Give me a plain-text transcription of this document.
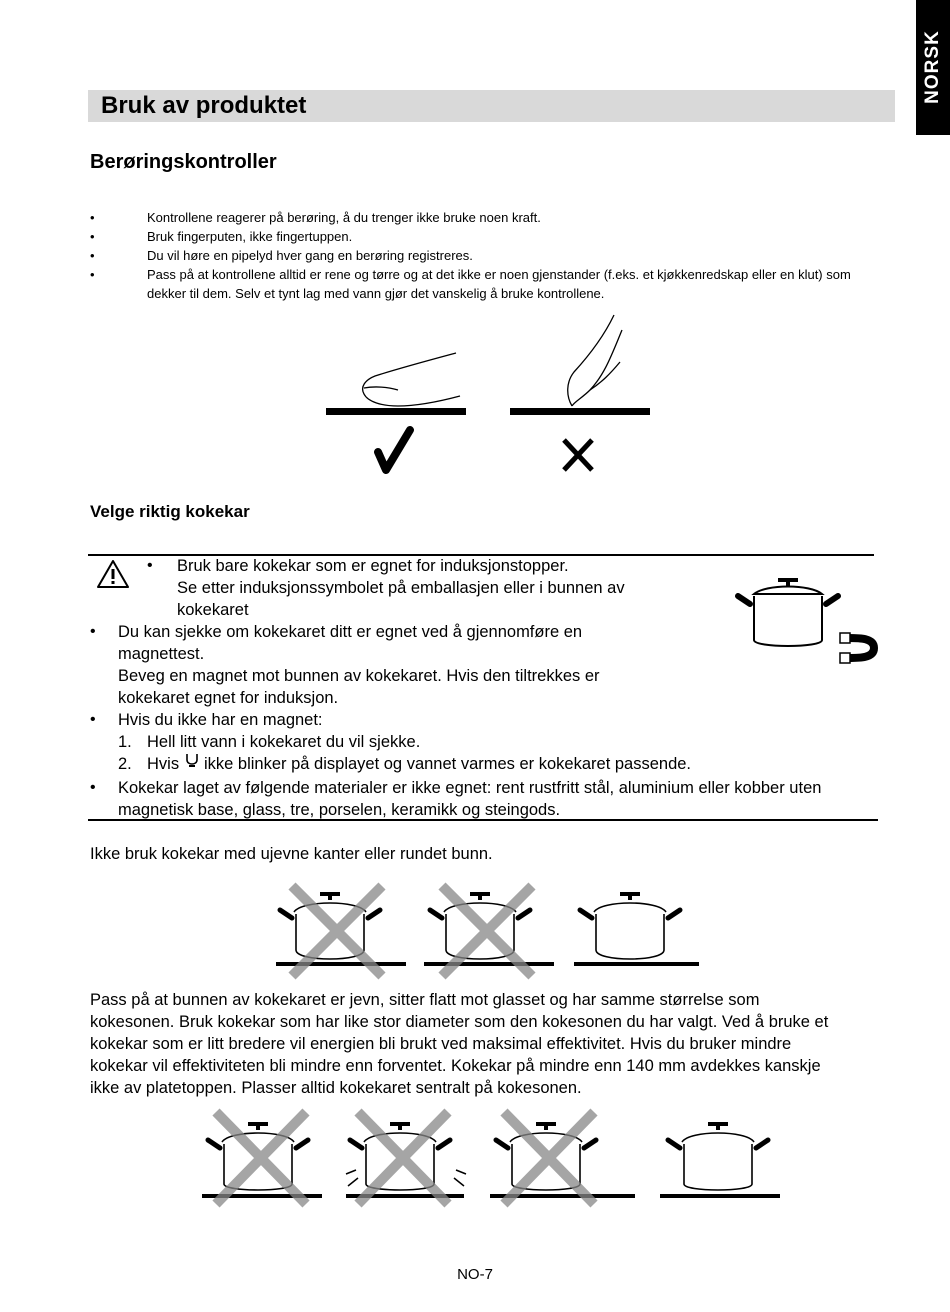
NORSK
Bruk av produktet
Berøringskontroller
• Kontrollene reagerer på berøring, å du trenger ikke bruke noen kraft.
• Bruk fingerputen, ikke fingertuppen.
• Du vil høre en pipelyd hver gang en berøring registreres.
• Pass på at kontrollene alltid er rene og tørre og at det ikke er noen gjenstander (f.eks. et kjøkkenredskap eller en klut) som dekker til dem. Selv et tynt lag med vann gjør det vanskelig å bruke kontrollene.
Velge riktig kokekar
• Bruk bare kokekar som er egnet for induksjonstopper.
Se etter induksjonssymbolet på emballasjen eller i bunnen av
kokekaret
• Du kan sjekke om kokekaret ditt er egnet ved å gjennomføre en
magnettest.
Beveg en magnet mot bunnen av kokekaret. Hvis den tiltrekkes er
kokekaret egnet for induksjon.
• Hvis du ikke har en magnet:
1. Hell litt vann i kokekaret du vil sjekke.
2. Hvis ikke blinker på displayet og vannet varmes er kokekaret passende.
• Kokekar laget av følgende materialer er ikke egnet: rent rustfritt stål, aluminium eller kobber uten
magnetisk base, glass, tre, porselen, keramikk og steingods.
Ikke bruk kokekar med ujevne kanter eller rundet bunn.
Pass på at bunnen av kokekaret er jevn, sitter flatt mot glasset og har samme størrelse som
kokesonen. Bruk kokekar som har like stor diameter som den kokesonen du har valgt. Ved å bruke et
kokekar som er litt bredere vil energien bli brukt ved maksimal effektivitet. Hvis du bruker mindre
kokekar vil effektiviteten bli mindre enn forventet. Kokekar på mindre enn 140 mm avdekkes kanskje
ikke av platetoppen. Plasser alltid kokekaret sentralt på kokesonen.
NO-7
